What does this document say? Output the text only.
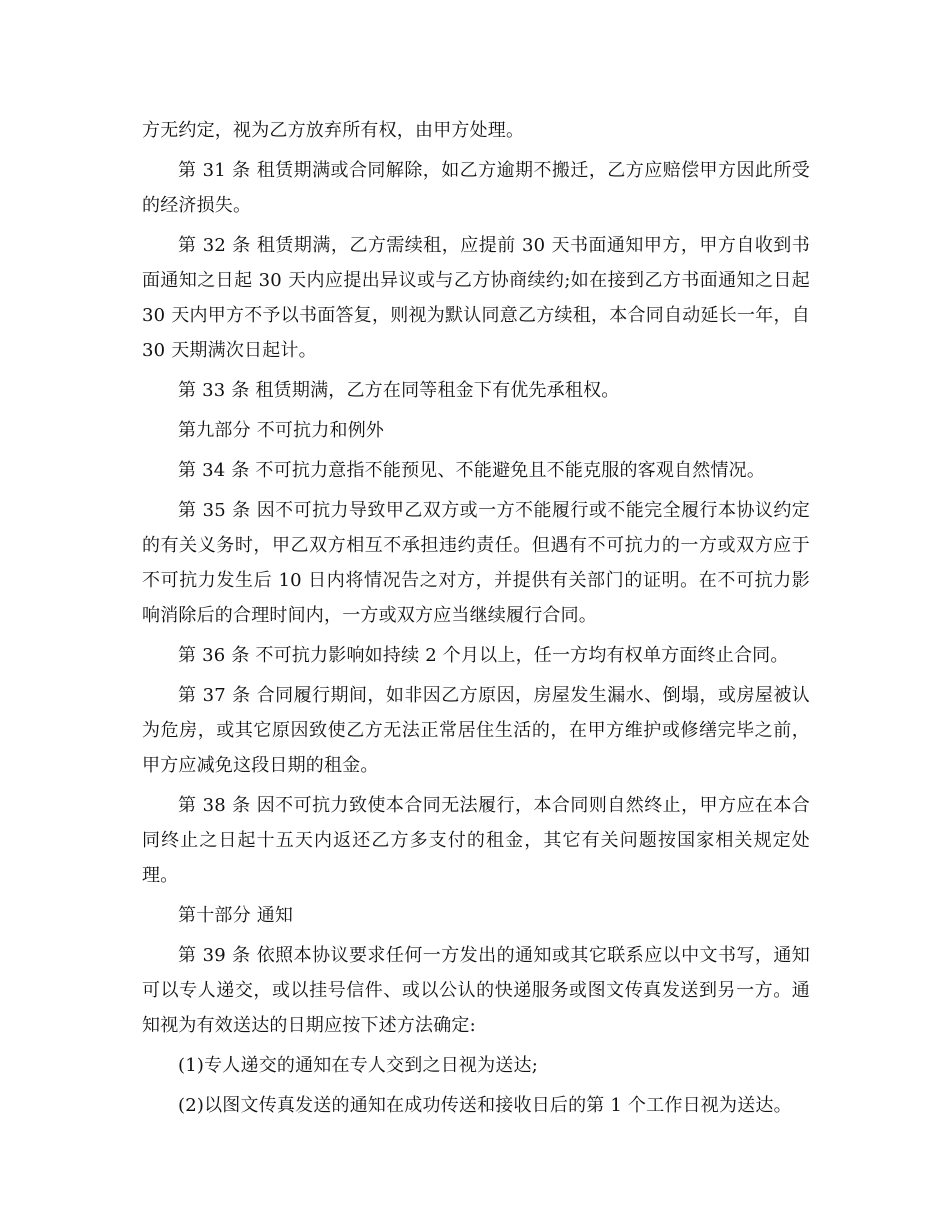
方无约定，视为乙方放弃所有权，由甲方处理。

第 31 条 租赁期满或合同解除，如乙方逾期不搬迁，乙方应赔偿甲方因此所受的经济损失。

第 32 条 租赁期满，乙方需续租，应提前 30 天书面通知甲方，甲方自收到书面通知之日起 30 天内应提出异议或与乙方协商续约;如在接到乙方书面通知之日起 30 天内甲方不予以书面答复，则视为默认同意乙方续租，本合同自动延长一年，自 30 天期满次日起计。

第 33 条 租赁期满，乙方在同等租金下有优先承租权。

第九部分 不可抗力和例外

第 34 条 不可抗力意指不能预见、不能避免且不能克服的客观自然情况。

第 35 条 因不可抗力导致甲乙双方或一方不能履行或不能完全履行本协议约定的有关义务时，甲乙双方相互不承担违约责任。但遇有不可抗力的一方或双方应于不可抗力发生后 10 日内将情况告之对方，并提供有关部门的证明。在不可抗力影响消除后的合理时间内，一方或双方应当继续履行合同。

第 36 条 不可抗力影响如持续 2 个月以上，任一方均有权单方面终止合同。

第 37 条 合同履行期间，如非因乙方原因，房屋发生漏水、倒塌，或房屋被认为危房，或其它原因致使乙方无法正常居住生活的，在甲方维护或修缮完毕之前，甲方应减免这段日期的租金。

第 38 条 因不可抗力致使本合同无法履行，本合同则自然终止，甲方应在本合同终止之日起十五天内返还乙方多支付的租金，其它有关问题按国家相关规定处理。

第十部分 通知

第 39 条 依照本协议要求任何一方发出的通知或其它联系应以中文书写，通知可以专人递交，或以挂号信件、或以公认的快递服务或图文传真发送到另一方。通知视为有效送达的日期应按下述方法确定:

(1)专人递交的通知在专人交到之日视为送达;

(2)以图文传真发送的通知在成功传送和接收日后的第 1 个工作日视为送达。
